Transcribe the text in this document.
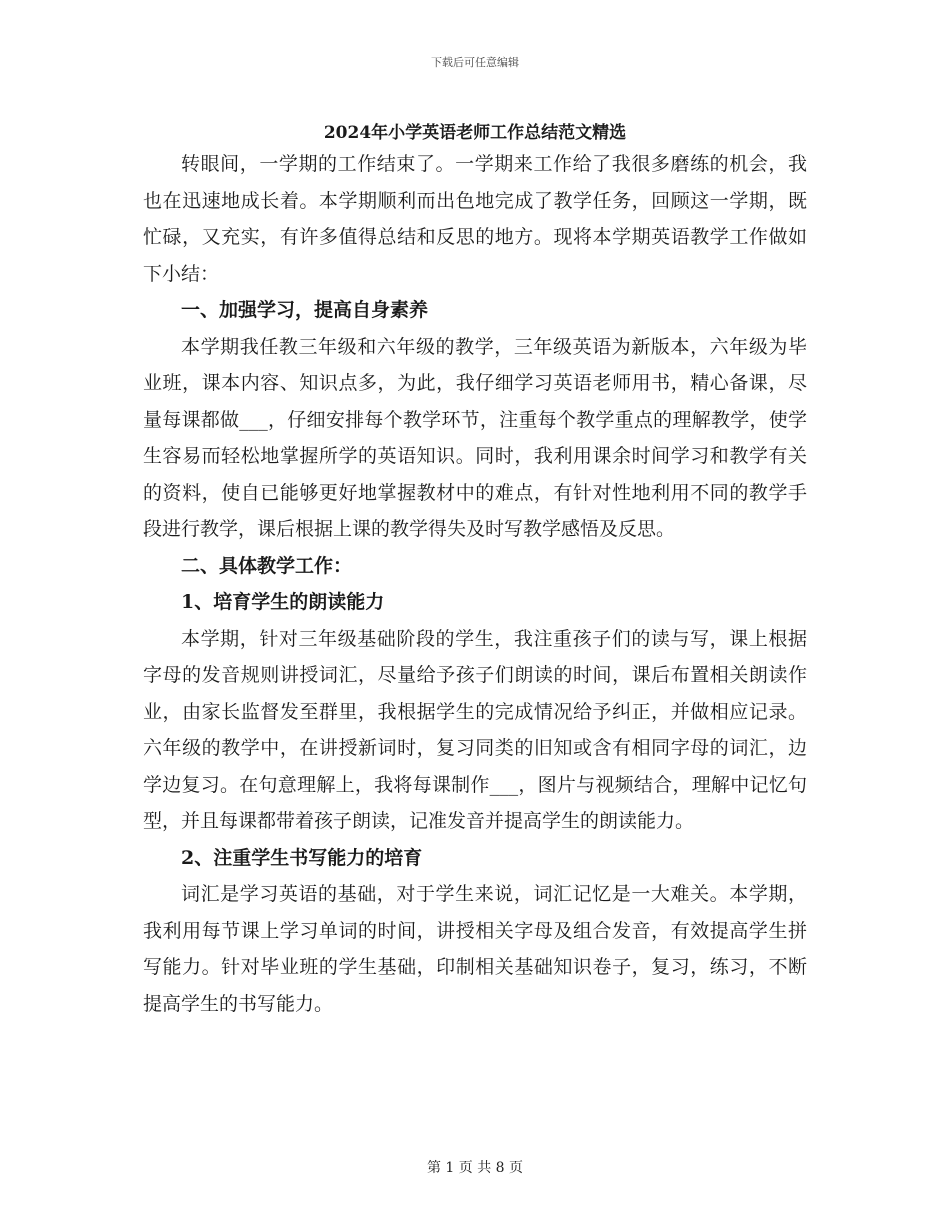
下载后可任意编辑
2024年小学英语老师工作总结范文精选

转眼间，一学期的工作结束了。一学期来工作给了我很多磨练的机会，我也在迅速地成长着。本学期顺利而出色地完成了教学任务，回顾这一学期，既忙碌，又充实，有许多值得总结和反思的地方。现将本学期英语教学工作做如下小结：

一、加强学习，提高自身素养

本学期我任教三年级和六年级的教学，三年级英语为新版本，六年级为毕业班，课本内容、知识点多，为此，我仔细学习英语老师用书，精心备课，尽量每课都做___，仔细安排每个教学环节，注重每个教学重点的理解教学，使学生容易而轻松地掌握所学的英语知识。同时，我利用课余时间学习和教学有关的资料，使自已能够更好地掌握教材中的难点，有针对性地利用不同的教学手段进行教学，课后根据上课的教学得失及时写教学感悟及反思。

二、具体教学工作：
1、培育学生的朗读能力

本学期，针对三年级基础阶段的学生，我注重孩子们的读与写，课上根据字母的发音规则讲授词汇，尽量给予孩子们朗读的时间，课后布置相关朗读作业，由家长监督发至群里，我根据学生的完成情况给予纠正，并做相应记录。六年级的教学中，在讲授新词时，复习同类的旧知或含有相同字母的词汇，边学边复习。在句意理解上，我将每课制作___，图片与视频结合，理解中记忆句型，并且每课都带着孩子朗读，记准发音并提高学生的朗读能力。

2、注重学生书写能力的培育

词汇是学习英语的基础，对于学生来说，词汇记忆是一大难关。本学期，我利用每节课上学习单词的时间，讲授相关字母及组合发音，有效提高学生拼写能力。针对毕业班的学生基础，印制相关基础知识卷子，复习，练习，不断提高学生的书写能力。

第 1 页 共 8 页
